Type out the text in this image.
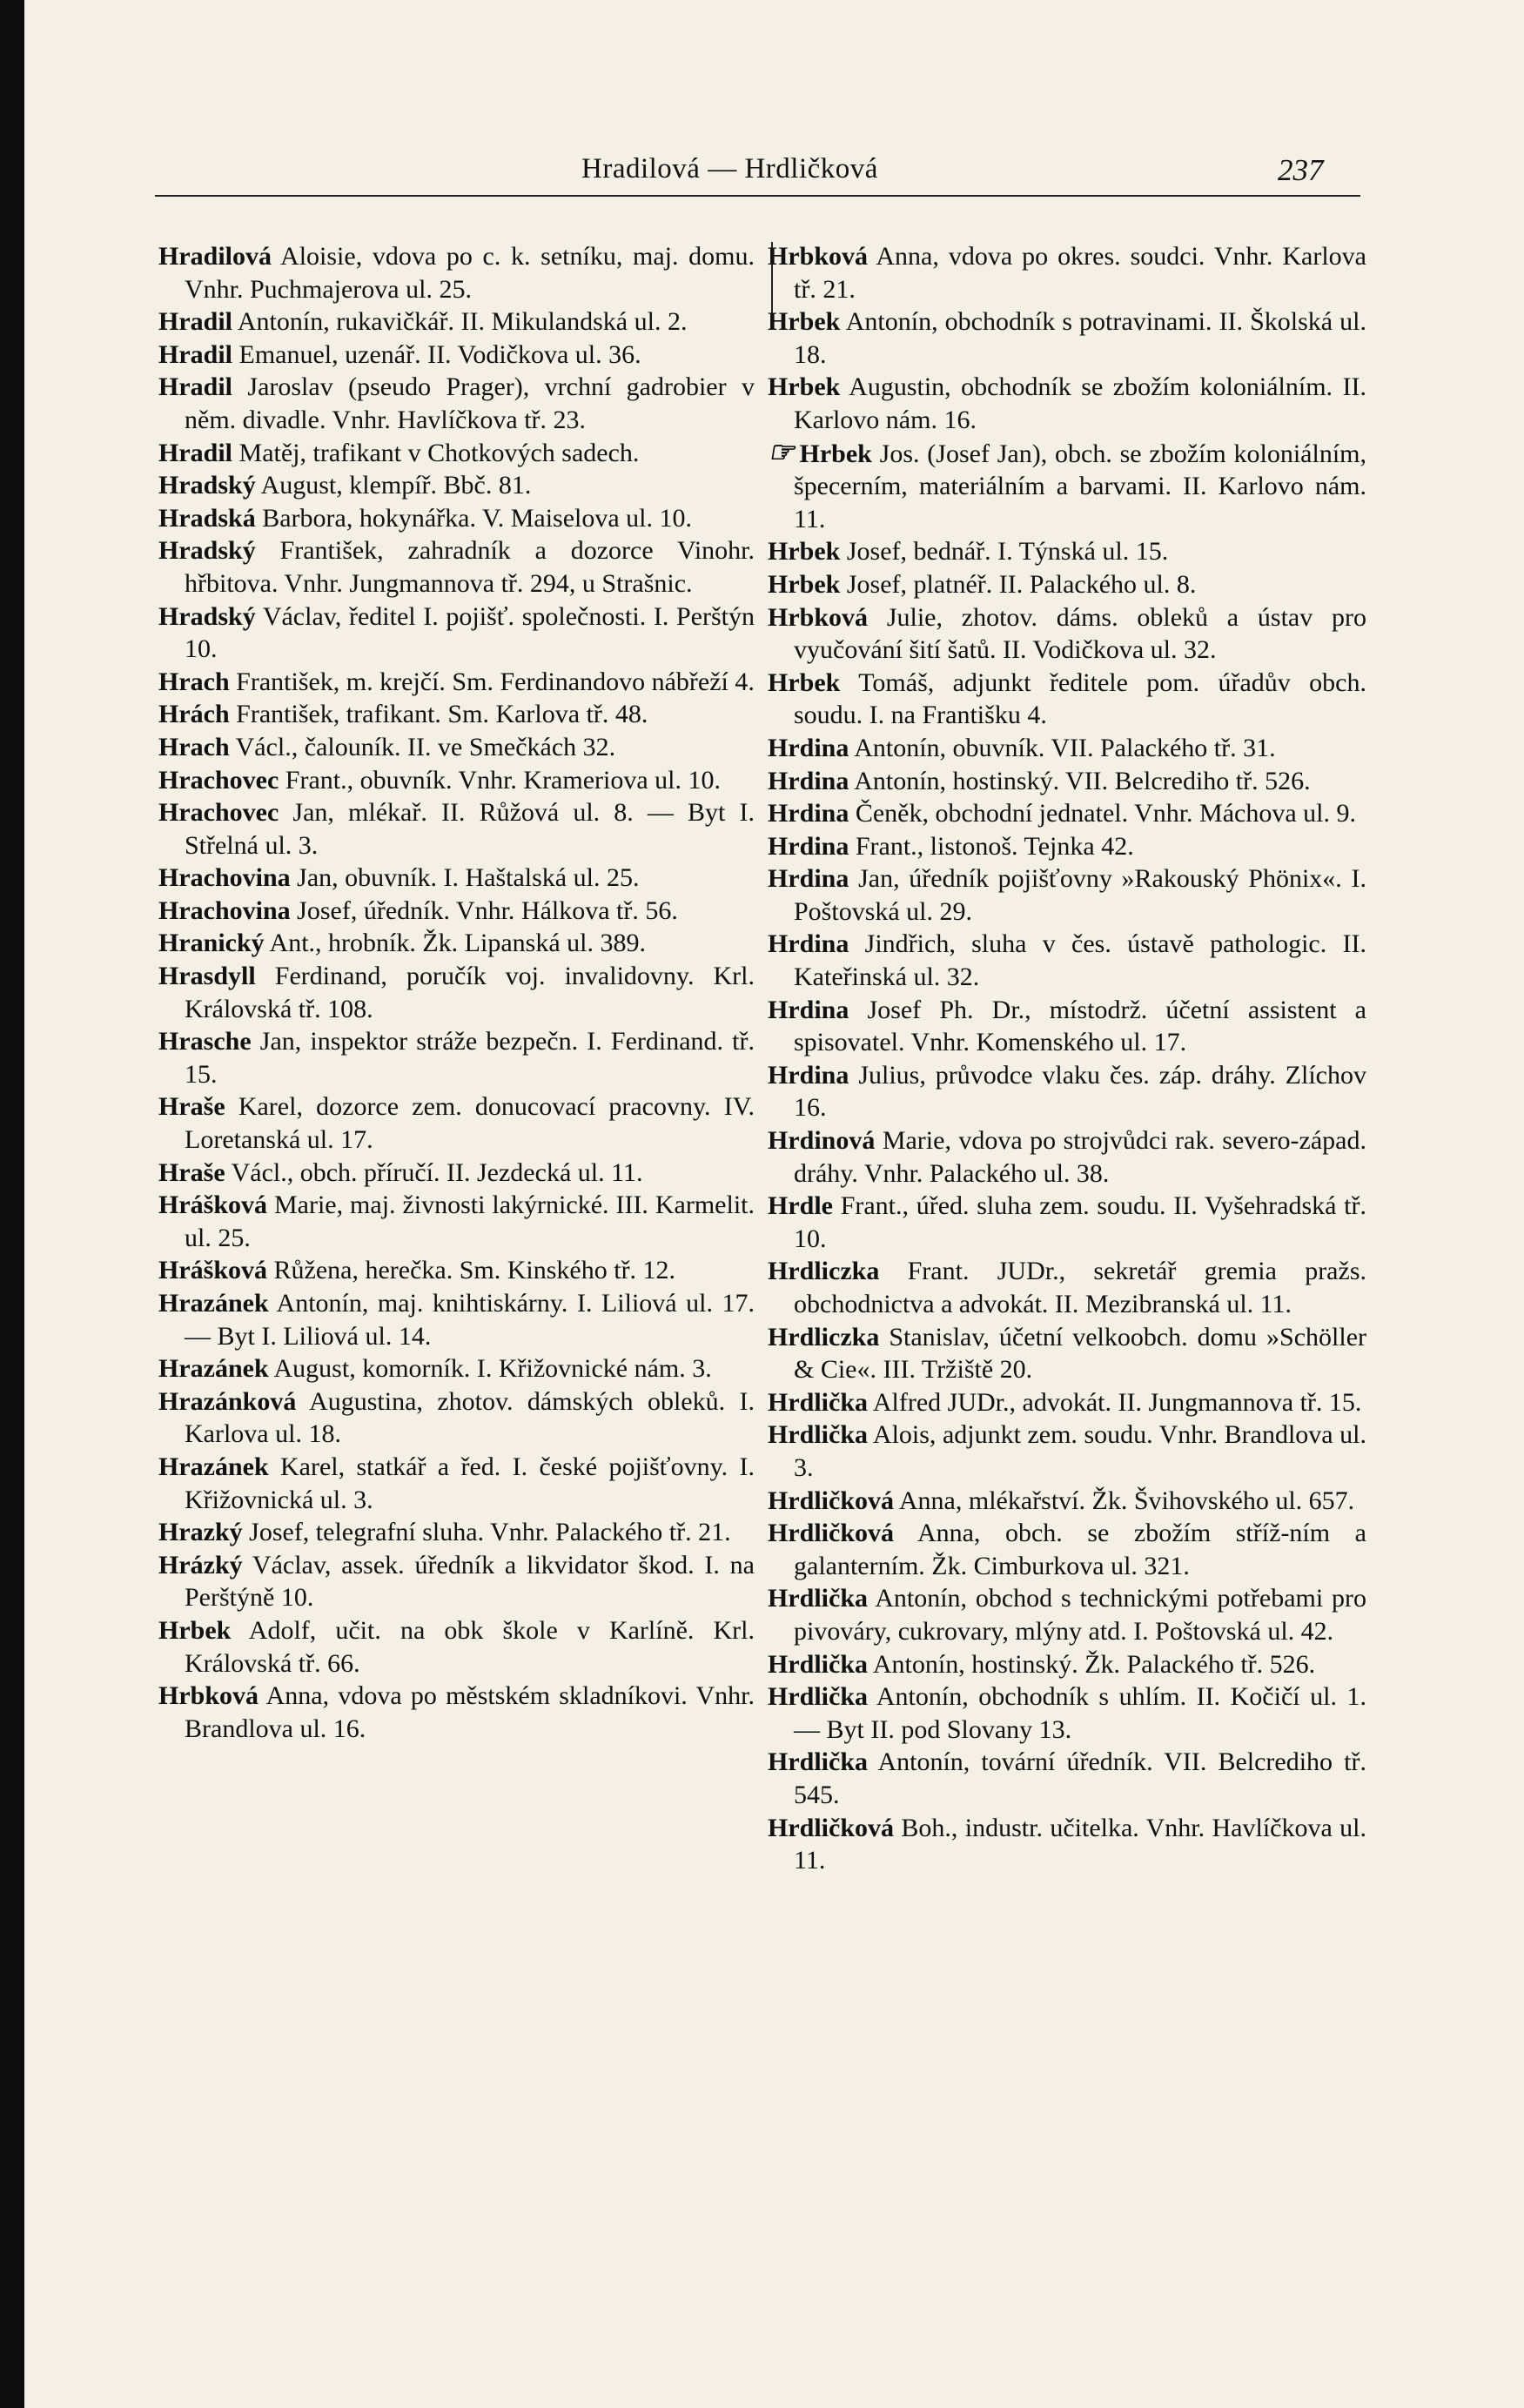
Hradilová — Hrdličková	237

Hradilová Aloisie, vdova po c. k. setníku, maj. domu. Vnhr. Puchmajerova ul. 25.

Hradil Antonín, rukavičkář. II. Mikulandská ul. 2.

Hradil Emanuel, uzenář. II. Vodičkova ul. 36.

Hradil Jaroslav (pseudo Prager), vrchní gadrobier v něm. divadle. Vnhr. Havlíčkova tř. 23.

Hradil Matěj, trafikant v Chotkových sadech.

Hradský August, klempíř. Bbč. 81.

Hradská Barbora, hokynářka. V. Maiselova ul. 10.

Hradský František, zahradník a dozorce Vinohr. hřbitova. Vnhr. Jungmannova tř. 294, u Strašnic.

Hradský Václav, ředitel I. pojišť. společnosti. I. Perštýn 10.

Hrach František, m. krejčí. Sm. Ferdinandovo nábřeží 4.

Hrách František, trafikant. Sm. Karlova tř. 48.

Hrach Václ., čalouník. II. ve Smečkách 32.

Hrachovec Frant., obuvník. Vnhr. Krameriova ul. 10.

Hrachovec Jan, mlékař. II. Růžová ul. 8. — Byt I. Střelná ul. 3.

Hrachovina Jan, obuvník. I. Haštalská ul. 25.

Hrachovina Josef, úředník. Vnhr. Hálkova tř. 56.

Hranický Ant., hrobník. Žk. Lipanská ul. 389.

Hrasdyll Ferdinand, poručík voj. invalidovny. Krl. Královská tř. 108.

Hrasche Jan, inspektor stráže bezpečn. I. Ferdinand. tř. 15.

Hraše Karel, dozorce zem. donucovací pracovny. IV. Loretanská ul. 17.

Hraše Václ., obch. příručí. II. Jezdecká ul. 11.

Hrášková Marie, maj. živnosti lakýrnické. III. Karmelit. ul. 25.

Hrášková Růžena, herečka. Sm. Kinského tř. 12.

Hrazánek Antonín, maj. knihtiskárny. I. Liliová ul. 17. — Byt I. Liliová ul. 14.

Hrazánek August, komorník. I. Křižovnické nám. 3.

Hrazánková Augustina, zhotov. dámských obleků. I. Karlova ul. 18.

Hrazánek Karel, statkář a řed. I. české pojišťovny. I. Křižovnická ul. 3.

Hrazký Josef, telegrafní sluha. Vnhr. Palackého tř. 21.

Hrázký Václav, assek. úředník a likvidator škod. I. na Perštýně 10.

Hrbek Adolf, učit. na obk škole v Karlíně. Krl. Královská tř. 66.

Hrbková Anna, vdova po městském skladníkovi. Vnhr. Brandlova ul. 16.

Hrbková Anna, vdova po okres. soudci. Vnhr. Karlova tř. 21.

Hrbek Antonín, obchodník s potravinami. II. Školská ul. 18.

Hrbek Augustin, obchodník se zbožím koloniálním. II. Karlovo nám. 16.

☞ Hrbek Jos. (Josef Jan), obch. se zbožím koloniálním, špecerním, materiálním a barvami. II. Karlovo nám. 11.

Hrbek Josef, bednář. I. Týnská ul. 15.

Hrbek Josef, platnéř. II. Palackého ul. 8.

Hrbková Julie, zhotov. dáms. obleků a ústav pro vyučování šití šatů. II. Vodičkova ul. 32.

Hrbek Tomáš, adjunkt ředitele pom. úřadův obch. soudu. I. na Františku 4.

Hrdina Antonín, obuvník. VII. Palackého tř. 31.

Hrdina Antonín, hostinský. VII. Belcrediho tř. 526.

Hrdina Čeněk, obchodní jednatel. Vnhr. Máchova ul. 9.

Hrdina Frant., listonoš. Tejnka 42.

Hrdina Jan, úředník pojišťovny »Rakouský Phönix«. I. Poštovská ul. 29.

Hrdina Jindřich, sluha v čes. ústavě pathologic. II. Kateřinská ul. 32.

Hrdina Josef Ph. Dr., místodrž. účetní assistent a spisovatel. Vnhr. Komenského ul. 17.

Hrdina Julius, průvodce vlaku čes. záp. dráhy. Zlíchov 16.

Hrdinová Marie, vdova po strojvůdci rak. severo-západ. dráhy. Vnhr. Palackého ul. 38.

Hrdle Frant., úřed. sluha zem. soudu. II. Vyšehradská tř. 10.

Hrdliczka Frant. JUDr., sekretář gremia pražs. obchodnictva a advokát. II. Mezibranská ul. 11.

Hrdliczka Stanislav, účetní velkoobch. domu »Schöller & Cie«. III. Tržiště 20.

Hrdlička Alfred JUDr., advokát. II. Jungmannova tř. 15.

Hrdlička Alois, adjunkt zem. soudu. Vnhr. Brandlova ul. 3.

Hrdličková Anna, mlékařství. Žk. Švihovského ul. 657.

Hrdličková Anna, obch. se zbožím stříž-ním a galanterním. Žk. Cimburkova ul. 321.

Hrdlička Antonín, obchod s technickými potřebami pro pivováry, cukrovary, mlýny atd. I. Poštovská ul. 42.

Hrdlička Antonín, hostinský. Žk. Palackého tř. 526.

Hrdlička Antonín, obchodník s uhlím. II. Kočičí ul. 1. — Byt II. pod Slovany 13.

Hrdlička Antonín, tovární úředník. VII. Belcrediho tř. 545.

Hrdličková Boh., industr. učitelka. Vnhr. Havlíčkova ul. 11.
